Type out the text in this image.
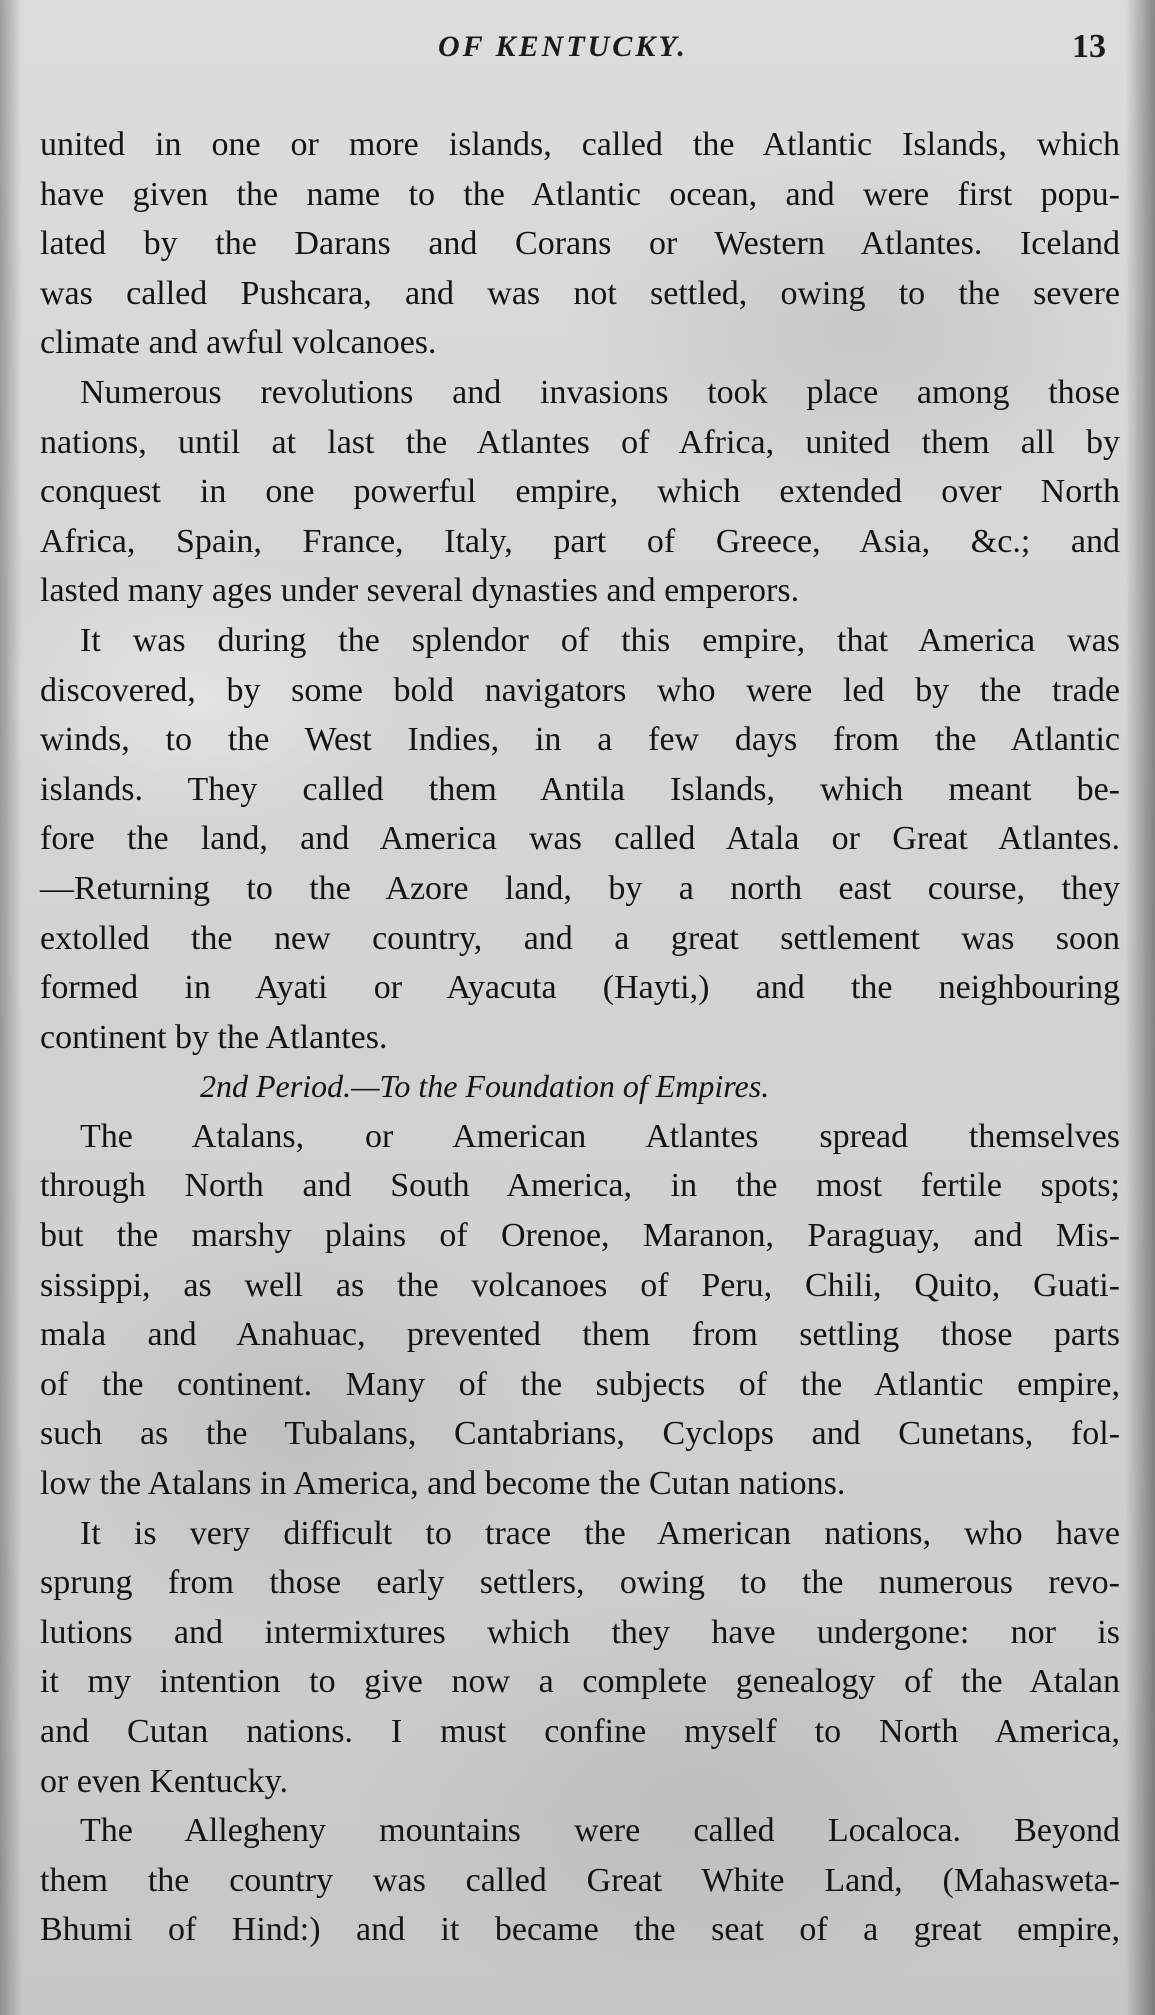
OF KENTUCKY.	13
united in one or more islands, called the Atlantic Islands, which
have given the name to the Atlantic ocean, and were first popu-
lated by the Darans and Corans or Western Atlantes. Iceland
was called Pushcara, and was not settled, owing to the severe
climate and awful volcanoes.
Numerous revolutions and invasions took place among those
nations, until at last the Atlantes of Africa, united them all by
conquest in one powerful empire, which extended over North
Africa, Spain, France, Italy, part of Greece, Asia, &c.; and
lasted many ages under several dynasties and emperors.
It was during the splendor of this empire, that America was
discovered, by some bold navigators who were led by the trade
winds, to the West Indies, in a few days from the Atlantic
islands. They called them Antila Islands, which meant be-
fore the land, and America was called Atala or Great Atlantes.
—Returning to the Azore land, by a north east course, they
extolled the new country, and a great settlement was soon
formed in Ayati or Ayacuta (Hayti,) and the neighbouring
continent by the Atlantes.
2nd Period.—To the Foundation of Empires.
The Atalans, or American Atlantes spread themselves
through North and South America, in the most fertile spots;
but the marshy plains of Orenoe, Maranon, Paraguay, and Mis-
sissippi, as well as the volcanoes of Peru, Chili, Quito, Guati-
mala and Anahuac, prevented them from settling those parts
of the continent. Many of the subjects of the Atlantic empire,
such as the Tubalans, Cantabrians, Cyclops and Cunetans, fol-
low the Atalans in America, and become the Cutan nations.
It is very difficult to trace the American nations, who have
sprung from those early settlers, owing to the numerous revo-
lutions and intermixtures which they have undergone: nor is
it my intention to give now a complete genealogy of the Atalan
and Cutan nations. I must confine myself to North America,
or even Kentucky.
The Allegheny mountains were called Localoca. Beyond
them the country was called Great White Land, (Mahasweta-
Bhumi of Hind:) and it became the seat of a great empire,
